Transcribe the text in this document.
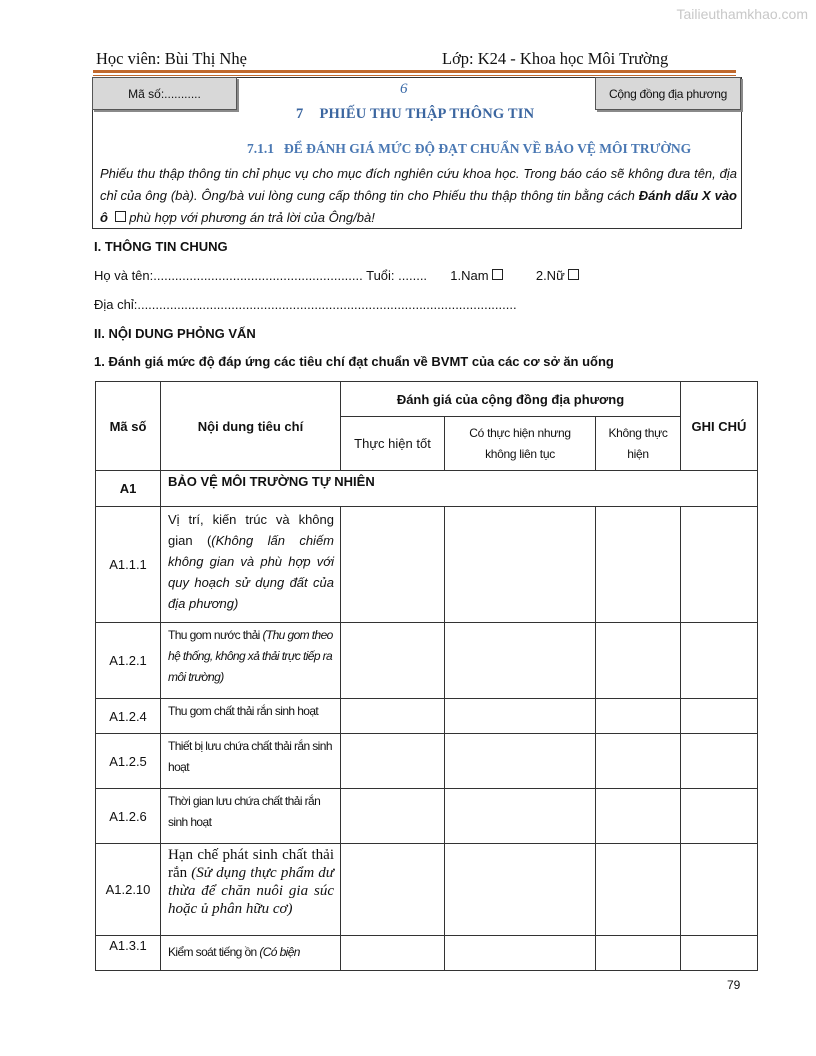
Tailieuthamkhao.com
Học viên: Bùi Thị Nhẹ	Lớp: K24 - Khoa học Môi Trường
Mã số:...........	Cộng đồng địa phương
6
7 PHIẾU THU THẬP THÔNG TIN
7.1.1 ĐỂ ĐÁNH GIÁ MỨC ĐỘ ĐẠT CHUẨN VỀ BẢO VỆ MÔI TRƯỜNG
Phiếu thu thập thông tin chỉ phục vụ cho mục đích nghiên cứu khoa học. Trong báo cáo sẽ không đưa tên, địa chỉ của ông (bà). Ông/bà vui lòng cung cấp thông tin cho Phiếu thu thập thông tin bằng cách Đánh dấu X vào ô  phù hợp với phương án trả lời của Ông/bà!
I. THÔNG TIN CHUNG
Họ và tên:.......................................................... Tuổi: ........ 1.Nam	2.Nữ
Địa chỉ:.........................................................................................................
II. NỘI DUNG PHỎNG VẤN
1. Đánh giá mức độ đáp ứng các tiêu chí đạt chuẩn về BVMT của các cơ sở ăn uống
Mã số	Nội dung tiêu chí	Đánh giá của cộng đồng địa phương			GHI CHÚ
		Thực hiện tốt	Có thực hiện nhưng không liên tục	Không thực hiện	
A1	BẢO VỆ MÔI TRƯỜNG TỰ NHIÊN				
A1.1.1	Vị trí, kiến trúc và không gian ((Không lấn chiếm không gian và phù hợp với quy hoạch sử dụng đất của địa phương)				
A1.2.1	Thu gom nước thải (Thu gom theo hệ thống, không xả thải trực tiếp ra môi trường)				
A1.2.4	Thu gom chất thải rắn sinh hoạt				
A1.2.5	Thiết bị lưu chứa chất thải rắn sinh hoạt				
A1.2.6	Thời gian lưu chứa chất thải rắn sinh hoạt				
A1.2.10	Hạn chế phát sinh chất thải rắn (Sử dụng thực phẩm dư thừa để chăn nuôi gia súc hoặc ủ phân hữu cơ)				
A1.3.1	Kiểm soát tiếng ồn (Có biện				
79
